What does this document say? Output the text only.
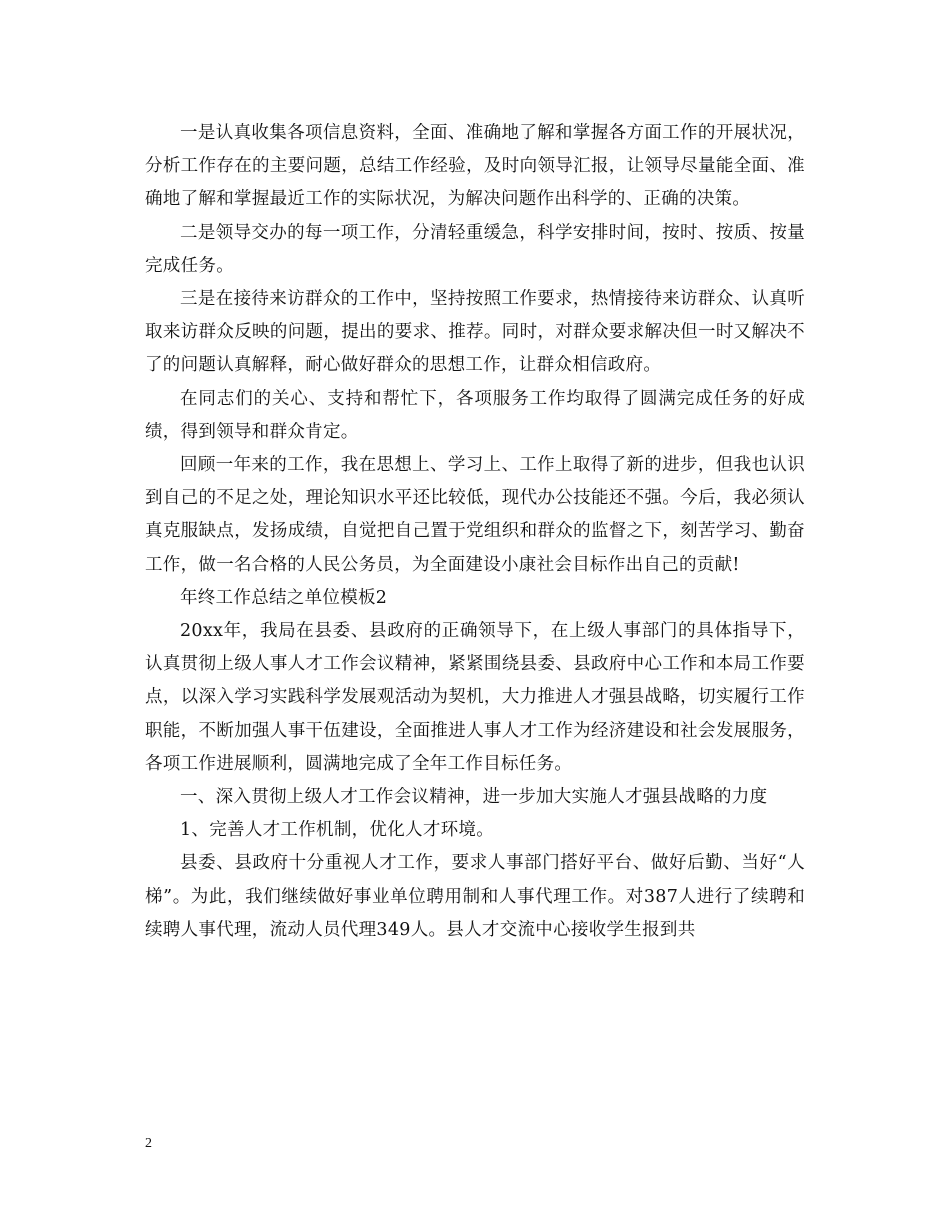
一是认真收集各项信息资料，全面、准确地了解和掌握各方面工作的开展状况，分析工作存在的主要问题，总结工作经验，及时向领导汇报，让领导尽量能全面、准确地了解和掌握最近工作的实际状况，为解决问题作出科学的、正确的决策。

二是领导交办的每一项工作，分清轻重缓急，科学安排时间，按时、按质、按量完成任务。

三是在接待来访群众的工作中，坚持按照工作要求，热情接待来访群众、认真听取来访群众反映的问题，提出的要求、推荐。同时，对群众要求解决但一时又解决不了的问题认真解释，耐心做好群众的思想工作，让群众相信政府。

在同志们的关心、支持和帮忙下，各项服务工作均取得了圆满完成任务的好成绩，得到领导和群众肯定。

回顾一年来的工作，我在思想上、学习上、工作上取得了新的进步，但我也认识到自己的不足之处，理论知识水平还比较低，现代办公技能还不强。今后，我必须认真克服缺点，发扬成绩，自觉把自己置于党组织和群众的监督之下，刻苦学习、勤奋工作，做一名合格的人民公务员，为全面建设小康社会目标作出自己的贡献!

年终工作总结之单位模板2

20xx年，我局在县委、县政府的正确领导下，在上级人事部门的具体指导下，认真贯彻上级人事人才工作会议精神，紧紧围绕县委、县政府中心工作和本局工作要点，以深入学习实践科学发展观活动为契机，大力推进人才强县战略，切实履行工作职能，不断加强人事干伍建设，全面推进人事人才工作为经济建设和社会发展服务，各项工作进展顺利，圆满地完成了全年工作目标任务。

一、深入贯彻上级人才工作会议精神，进一步加大实施人才强县战略的力度

1、完善人才工作机制，优化人才环境。

县委、县政府十分重视人才工作，要求人事部门搭好平台、做好后勤、当好“人梯”。为此，我们继续做好事业单位聘用制和人事代理工作。对387人进行了续聘和续聘人事代理，流动人员代理349人。县人才交流中心接收学生报到共

2
